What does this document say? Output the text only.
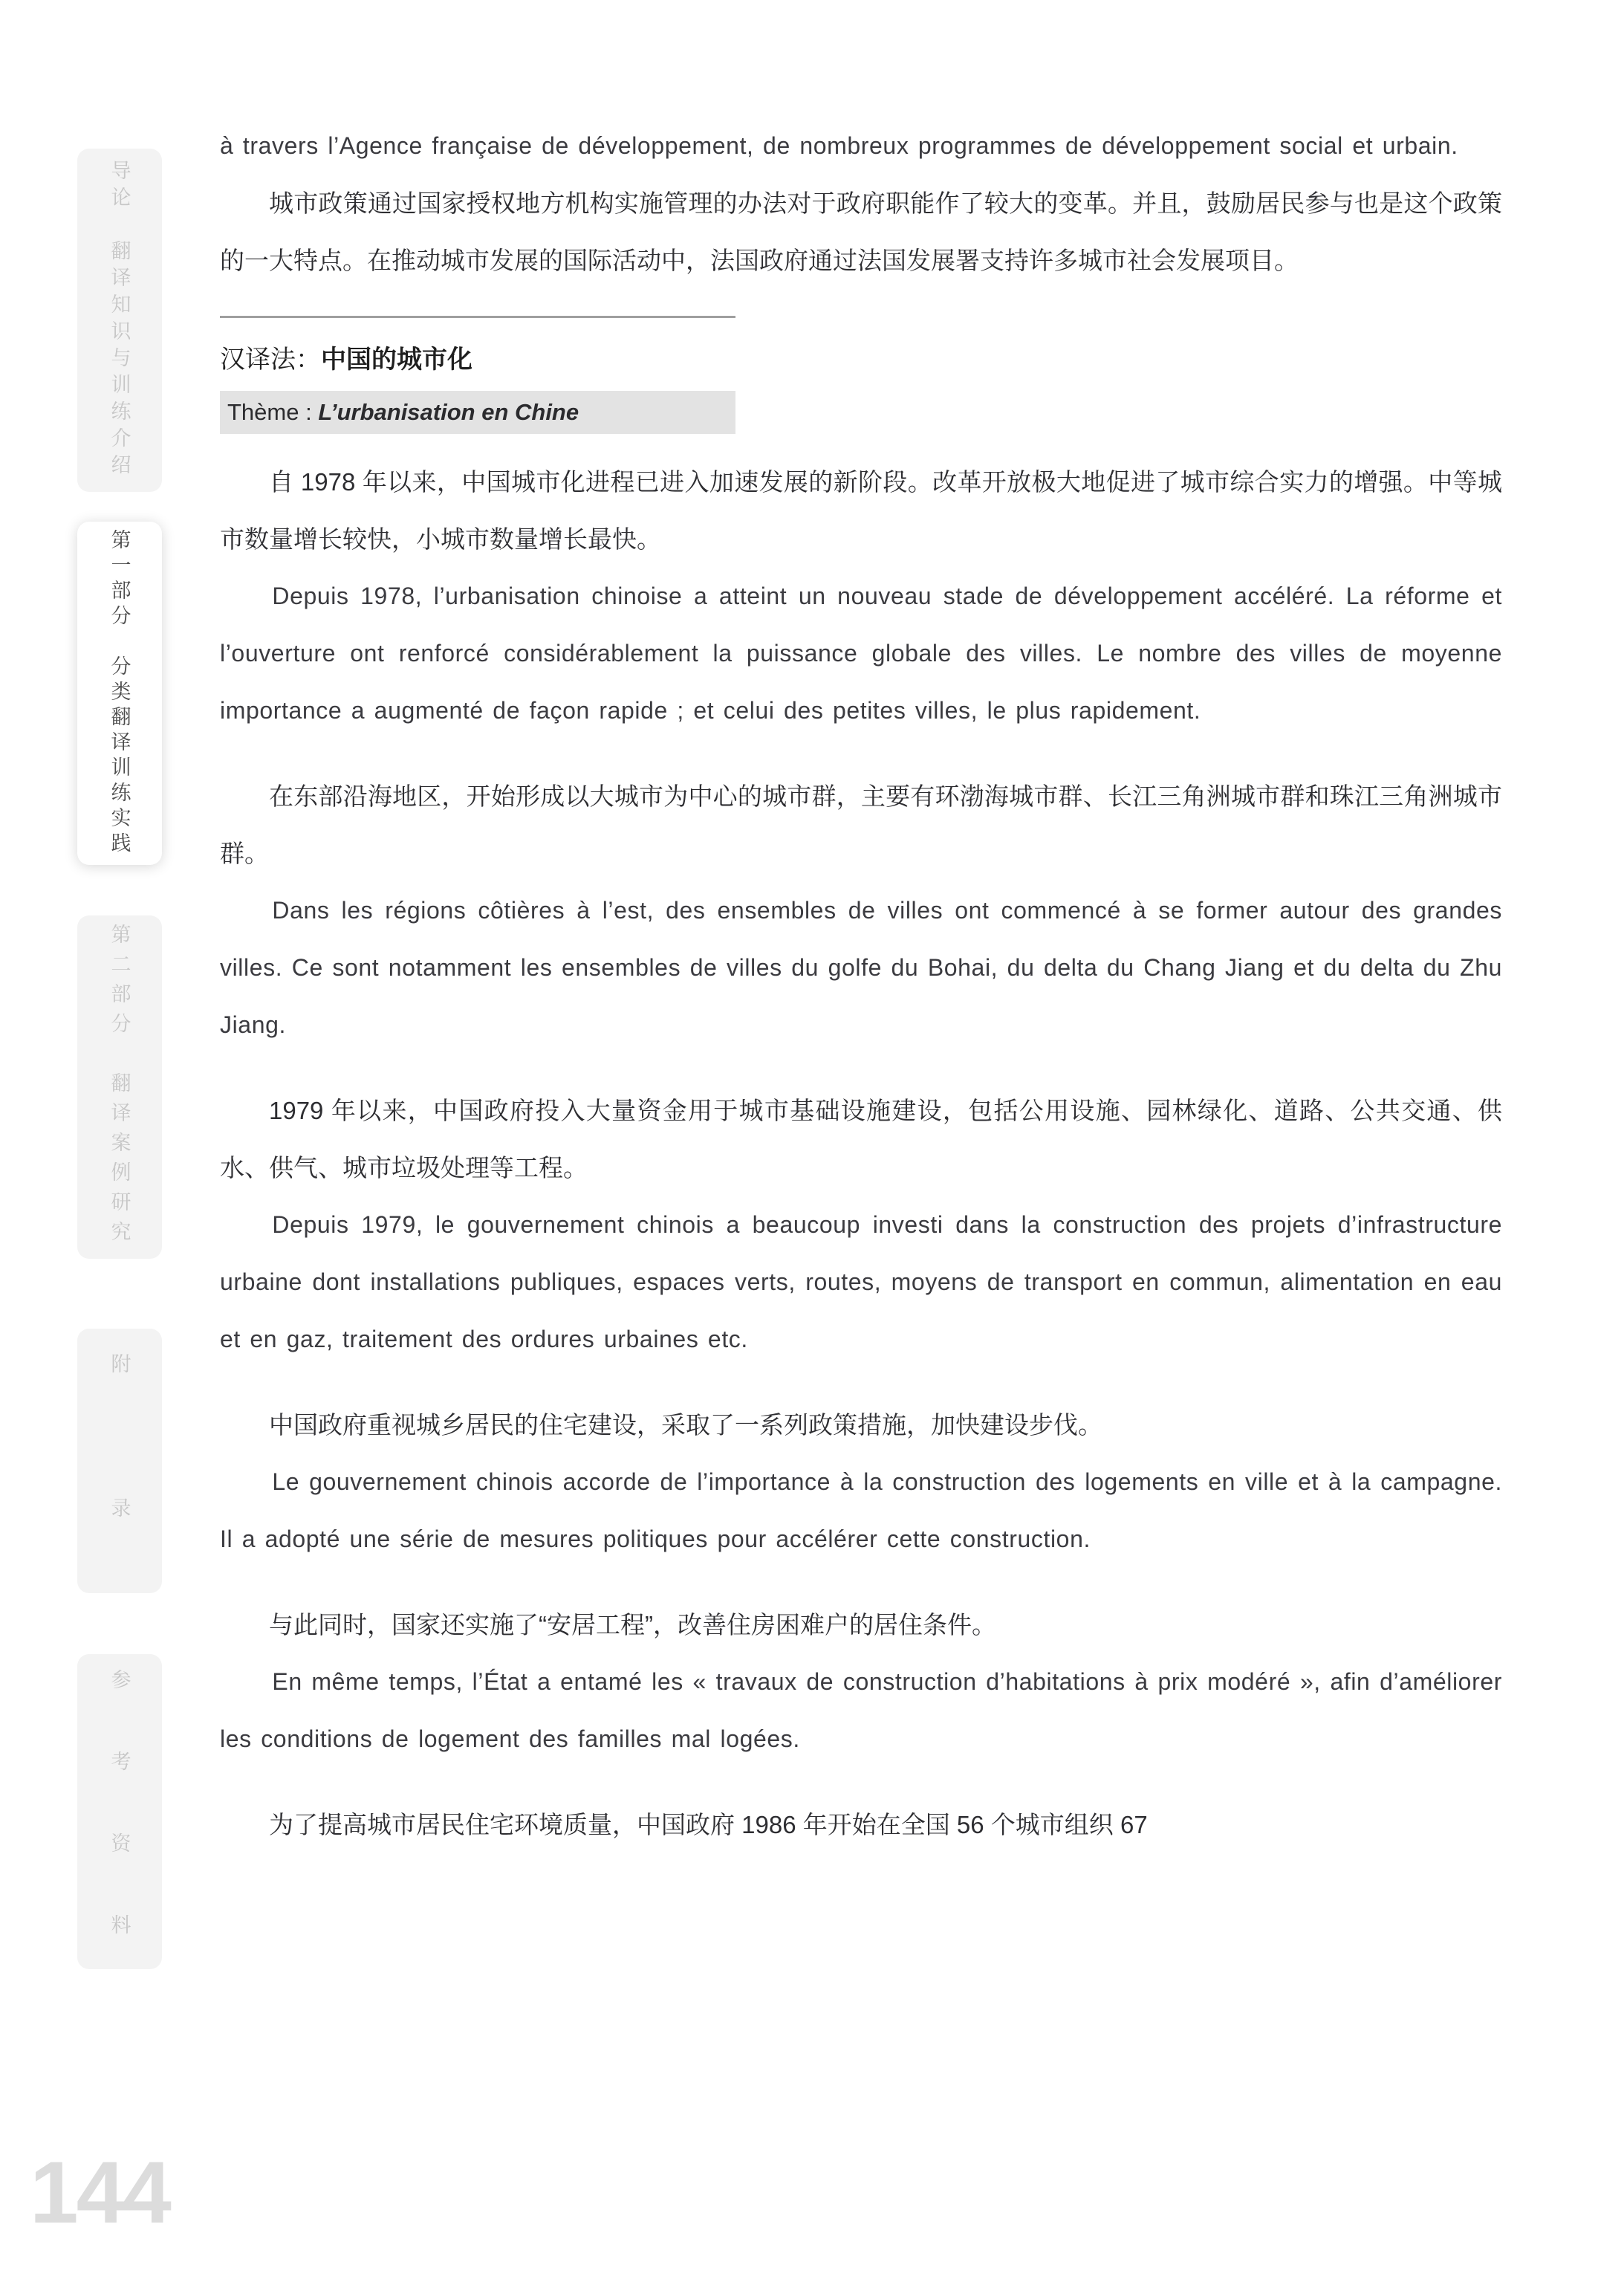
导论　翻译知识与训练介绍
第一部分　分类翻译训练实践
第二部分　翻译案例研究
附　录
参　考　资　料
144

à travers l’Agence française de développement, de nombreux programmes de développement social et urbain.

城市政策通过国家授权地方机构实施管理的办法对于政府职能作了较大的变革。并且，鼓励居民参与也是这个政策的一大特点。在推动城市发展的国际活动中，法国政府通过法国发展署支持许多城市社会发展项目。

汉译法：中国的城市化
Thème : L’urbanisation en Chine

自 1978 年以来，中国城市化进程已进入加速发展的新阶段。改革开放极大地促进了城市综合实力的增强。中等城市数量增长较快，小城市数量增长最快。

Depuis 1978, l’urbanisation chinoise a atteint un nouveau stade de développement accéléré. La réforme et l’ouverture ont renforcé considérablement la puissance globale des villes. Le nombre des villes de moyenne importance a augmenté de façon rapide ; et celui des petites villes, le plus rapidement.

在东部沿海地区，开始形成以大城市为中心的城市群，主要有环渤海城市群、长江三角洲城市群和珠江三角洲城市群。

Dans les régions côtières à l’est, des ensembles de villes ont commencé à se former autour des grandes villes. Ce sont notamment les ensembles de villes du golfe du Bohai, du delta du Chang Jiang et du delta du Zhu Jiang.

1979 年以来，中国政府投入大量资金用于城市基础设施建设，包括公用设施、园林绿化、道路、公共交通、供水、供气、城市垃圾处理等工程。

Depuis 1979, le gouvernement chinois a beaucoup investi dans la construction des projets d’infrastructure urbaine dont installations publiques, espaces verts, routes, moyens de transport en commun, alimentation en eau et en gaz, traitement des ordures urbaines etc.

中国政府重视城乡居民的住宅建设，采取了一系列政策措施，加快建设步伐。

Le gouvernement chinois accorde de l’importance à la construction des logements en ville et à la campagne. Il a adopté une série de mesures politiques pour accélérer cette construction.

与此同时，国家还实施了“安居工程”，改善住房困难户的居住条件。

En même temps, l’État a entamé les « travaux de construction d’habitations à prix modéré », afin d’améliorer les conditions de logement des familles mal logées.

为了提高城市居民住宅环境质量，中国政府 1986 年开始在全国 56 个城市组织 67
